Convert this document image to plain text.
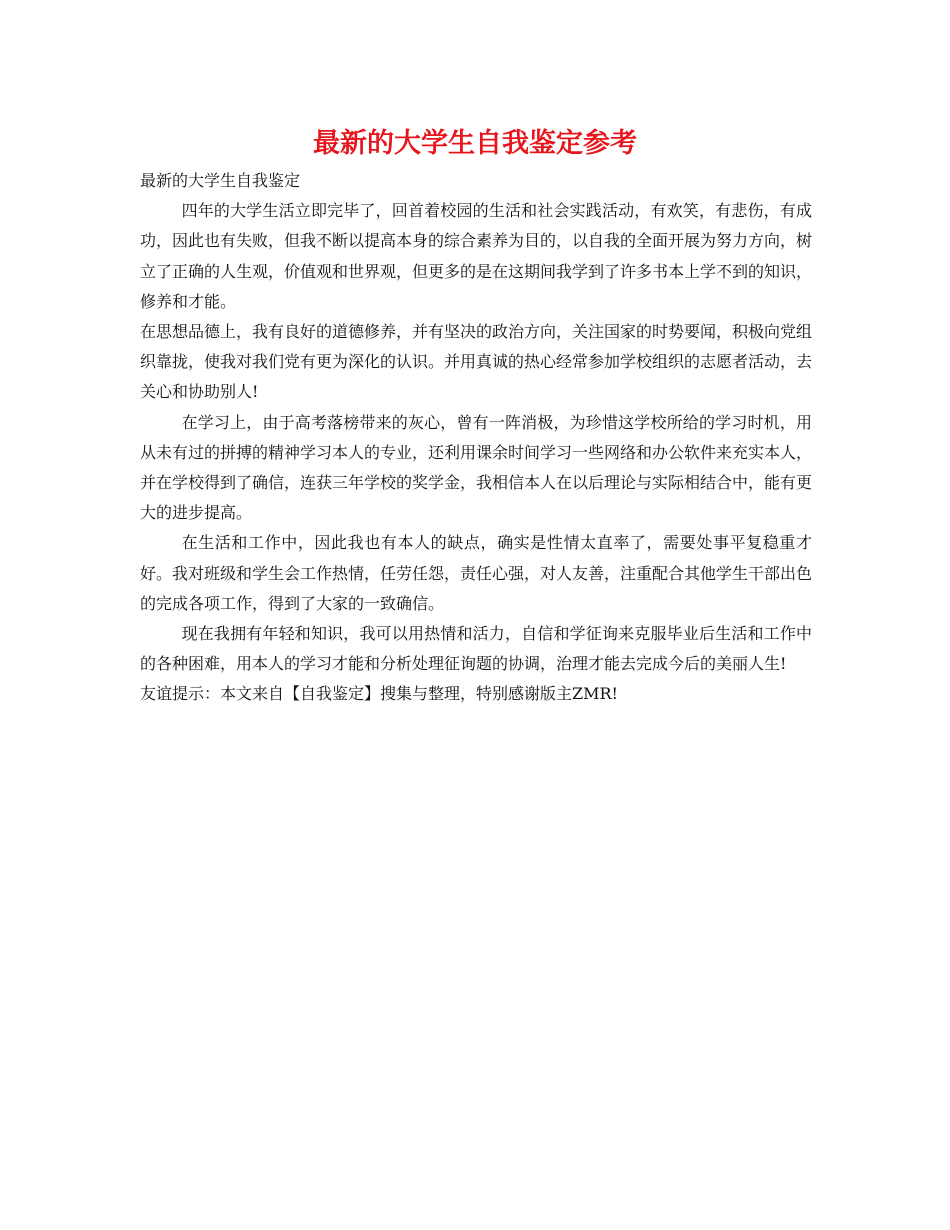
最新的大学生自我鉴定参考

最新的大学生自我鉴定

四年的大学生活立即完毕了，回首着校园的生活和社会实践活动，有欢笑，有悲伤，有成功，因此也有失败，但我不断以提高本身的综合素养为目的，以自我的全面开展为努力方向，树立了正确的人生观，价值观和世界观，但更多的是在这期间我学到了许多书本上学不到的知识，修养和才能。

在思想品德上，我有良好的道德修养，并有坚决的政治方向，关注国家的时势要闻，积极向党组织靠拢，使我对我们党有更为深化的认识。并用真诚的热心经常参加学校组织的志愿者活动，去关心和协助别人!

在学习上，由于高考落榜带来的灰心，曾有一阵消极，为珍惜这学校所给的学习时机，用从未有过的拼搏的精神学习本人的专业，还利用课余时间学习一些网络和办公软件来充实本人，并在学校得到了确信，连获三年学校的奖学金，我相信本人在以后理论与实际相结合中，能有更大的进步提高。

在生活和工作中，因此我也有本人的缺点，确实是性情太直率了，需要处事平复稳重才好。我对班级和学生会工作热情，任劳任怨，责任心强，对人友善，注重配合其他学生干部出色的完成各项工作，得到了大家的一致确信。

现在我拥有年轻和知识，我可以用热情和活力，自信和学征询来克服毕业后生活和工作中的各种困难，用本人的学习才能和分析处理征询题的协调，治理才能去完成今后的美丽人生!

友谊提示：本文来自【自我鉴定】搜集与整理，特别感谢版主ZMR!
